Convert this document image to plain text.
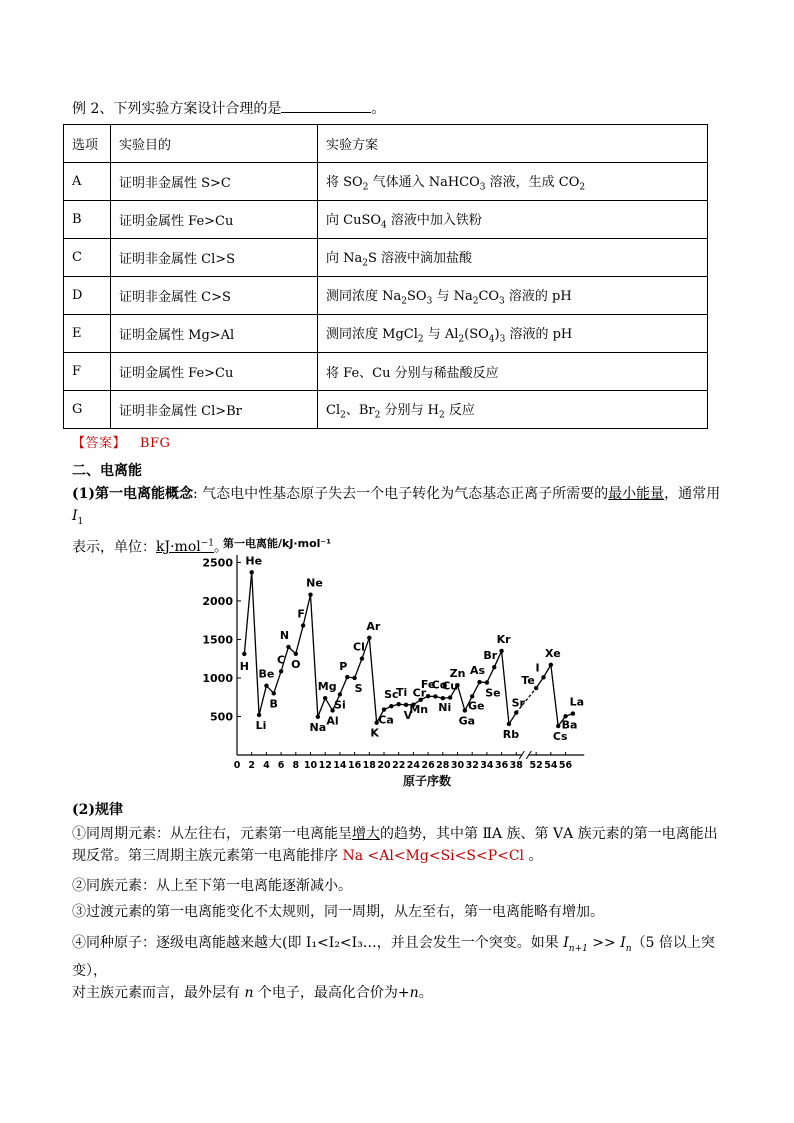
例 2、下列实验方案设计合理的是	。
选项	实验目的	实验方案
A	证明非金属性 S>C	将 $SO_2$ 气体通入 NaHCO$_3$ 溶液，生成 $CO_2$
B	证明金属性 Fe>Cu	向 CuSO$_4$ 溶液中加入铁粉
C	证明非金属性 Cl>S	向 $Na_2S$ 溶液中滴加盐酸
D	证明非金属性 C>S	测同浓度 $Na_2SO_3$ 与 $Na_2CO_3$ 溶液的 pH
E	证明金属性 Mg>Al	测同浓度 MgCl$_2$ 与 $Al_2(SO_4)_3$ 溶液的 pH
F	证明金属性 Fe>Cu	将 Fe、Cu 分别与稀盐酸反应
G	证明非金属性 Cl>Br	$Cl_2$、$Br_2$ 分别与 $H_2$ 反应
【答案】 BFG
二、电离能
(1)第一电离能概念: 气态电中性基态原子失去一个电子转化为气态基态正离子所需要的最小能量，通常用 $I_1$
表示，单位：kJ·mol$^{-1}$。
第一电离能/kJ·mol⁻¹
500
1000
1500
2000
2500
0 2 4 6 8 10 12 14 16 18 20 22 24 26 28 30 32 34 36 38 52 54 56
H
He
Li
Be
B
C
N
O
F
Ne
Na
Mg
Al
Si
P
S
Cl
Ar
K
Ca
Sc
Ti
V
Cr
Mn
Fe
Co
Ni
Cu
Zn
Ga
Ge
As
Se
Br
Kr
Rb
Sr
Te
I
Xe
Cs
Ba
La
原子序数
(2)规律
①同周期元素：从左往右，元素第一电离能呈增大的趋势，其中第 ⅡA 族、第 ⅤA 族元素的第一电离能出
现反常。第三周期主族元素第一电离能排序 Na <Al<Mg<Si<S<P<Cl 。
②同族元素：从上至下第一电离能逐渐减小。
③过渡元素的第一电离能变化不太规则，同一周期，从左至右，第一电离能略有增加。
④同种原子：逐级电离能越来越大(即 I₁<I₂<I₃…，并且会发生一个突变。如果 $I_{n+1} >> I_n(5$ 倍以上突变），
对主族元素而言，最外层有 n 个电子，最高化合价为+n。
